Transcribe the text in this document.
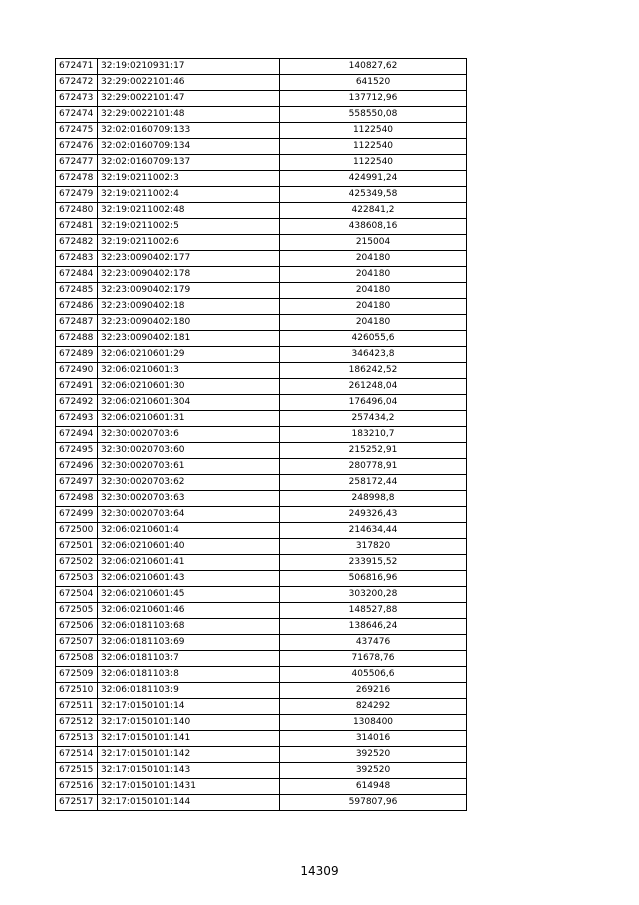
672471	32:19:0210931:17	140827,62
672472	32:29:0022101:46	641520
672473	32:29:0022101:47	137712,96
672474	32:29:0022101:48	558550,08
672475	32:02:0160709:133	1122540
672476	32:02:0160709:134	1122540
672477	32:02:0160709:137	1122540
672478	32:19:0211002:3	424991,24
672479	32:19:0211002:4	425349,58
672480	32:19:0211002:48	422841,2
672481	32:19:0211002:5	438608,16
672482	32:19:0211002:6	215004
672483	32:23:0090402:177	204180
672484	32:23:0090402:178	204180
672485	32:23:0090402:179	204180
672486	32:23:0090402:18	204180
672487	32:23:0090402:180	204180
672488	32:23:0090402:181	426055,6
672489	32:06:0210601:29	346423,8
672490	32:06:0210601:3	186242,52
672491	32:06:0210601:30	261248,04
672492	32:06:0210601:304	176496,04
672493	32:06:0210601:31	257434,2
672494	32:30:0020703:6	183210,7
672495	32:30:0020703:60	215252,91
672496	32:30:0020703:61	280778,91
672497	32:30:0020703:62	258172,44
672498	32:30:0020703:63	248998,8
672499	32:30:0020703:64	249326,43
672500	32:06:0210601:4	214634,44
672501	32:06:0210601:40	317820
672502	32:06:0210601:41	233915,52
672503	32:06:0210601:43	506816,96
672504	32:06:0210601:45	303200,28
672505	32:06:0210601:46	148527,88
672506	32:06:0181103:68	138646,24
672507	32:06:0181103:69	437476
672508	32:06:0181103:7	71678,76
672509	32:06:0181103:8	405506,6
672510	32:06:0181103:9	269216
672511	32:17:0150101:14	824292
672512	32:17:0150101:140	1308400
672513	32:17:0150101:141	314016
672514	32:17:0150101:142	392520
672515	32:17:0150101:143	392520
672516	32:17:0150101:1431	614948
672517	32:17:0150101:144	597807,96
14309
